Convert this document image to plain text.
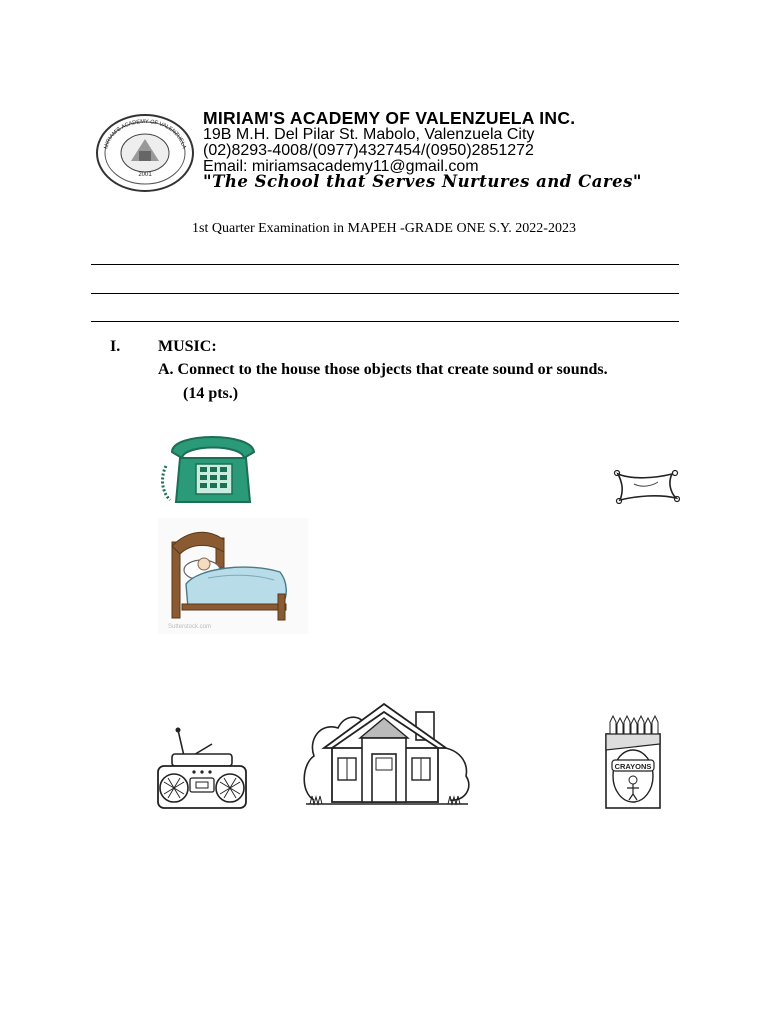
2001
MIRIAM'S ACADEMY OF VALENZUELA
MIRIAM'S ACADEMY OF VALENZUELA INC.
19B M.H. Del Pilar St. Mabolo, Valenzuela City
(02)8293-4008/(0977)4327454/(0950)2851272
Email: miriamsacademy11@gmail.com
"The School that Serves Nurtures and Cares"
1st Quarter Examination in MAPEH -GRADE ONE S.Y. 2022-2023
I. MUSIC:
A. Connect to the house those objects that create sound or sounds.
(14 pts.)
Sutterstock.com
CRAYONS
